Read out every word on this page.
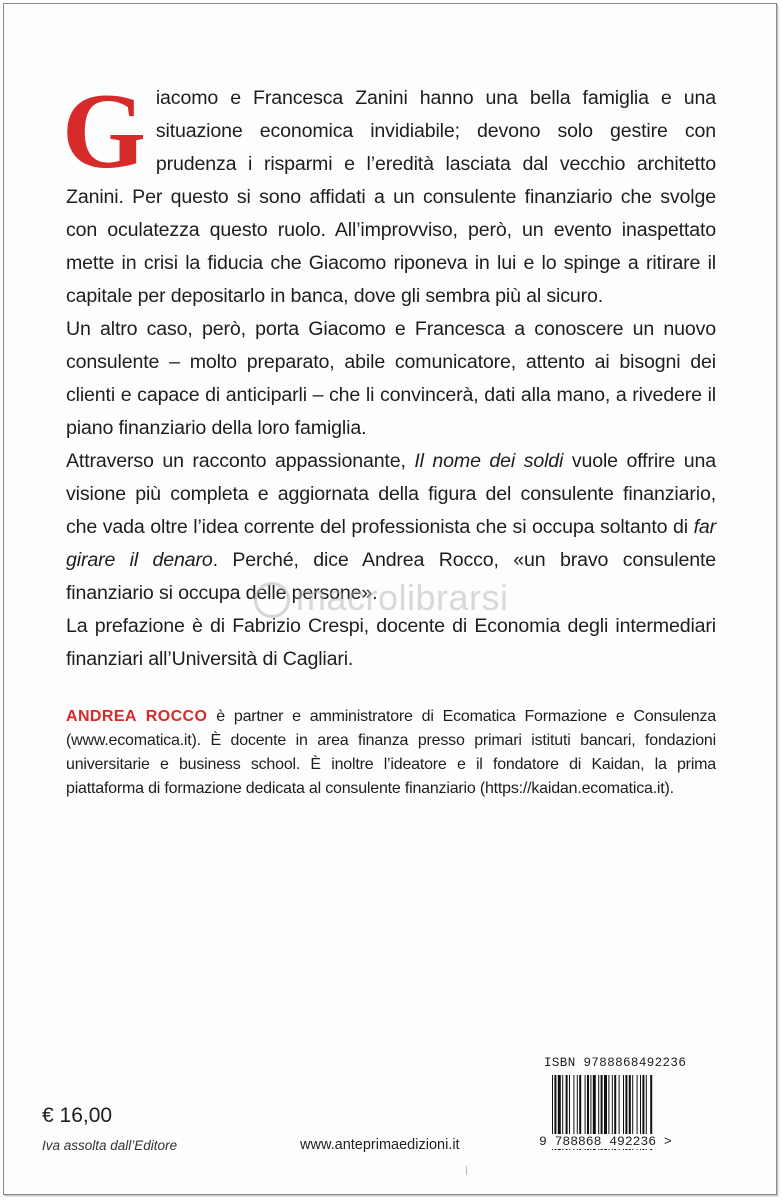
Giacomo e Francesca Zanini hanno una bella famiglia e una situazione economica invidiabile; devono solo gestire con prudenza i risparmi e l’eredità lasciata dal vecchio architetto Zanini. Per questo si sono affidati a un consulente finanziario che svolge con oculatezza questo ruolo. All’improvviso, però, un evento inaspettato mette in crisi la fiducia che Giacomo riponeva in lui e lo spinge a ritirare il capitale per depositarlo in banca, dove gli sembra più al sicuro.

Un altro caso, però, porta Giacomo e Francesca a conoscere un nuovo consulente – molto preparato, abile comunicatore, attento ai bisogni dei clienti e capace di anticiparli – che li convincerà, dati alla mano, a rivedere il piano finanziario della loro famiglia.

Attraverso un racconto appassionante, Il nome dei soldi vuole offrire una visione più completa e aggiornata della figura del consulente finanziario, che vada oltre l’idea corrente del professionista che si occupa soltanto di far girare il denaro. Perché, dice Andrea Rocco, «un bravo consulente finanziario si occupa delle persone».

La prefazione è di Fabrizio Crespi, docente di Economia degli intermediari finanziari all’Università di Cagliari.

macrolibrarsi
ANDREA ROCCO è partner e amministratore di Ecomatica Formazione e Consulenza (www.ecomatica.it). È docente in area finanza presso primari istituti bancari, fondazioni universitarie e business school. È inoltre l’ideatore e il fondatore di Kaidan, la prima piattaforma di formazione dedicata al consulente finanziario (https://kaidan.ecomatica.it).
ISBN 9788868492236
9 788868 492236 >
€ 16,00
Iva assolta dall’Editore	www.anteprimaedizioni.it
